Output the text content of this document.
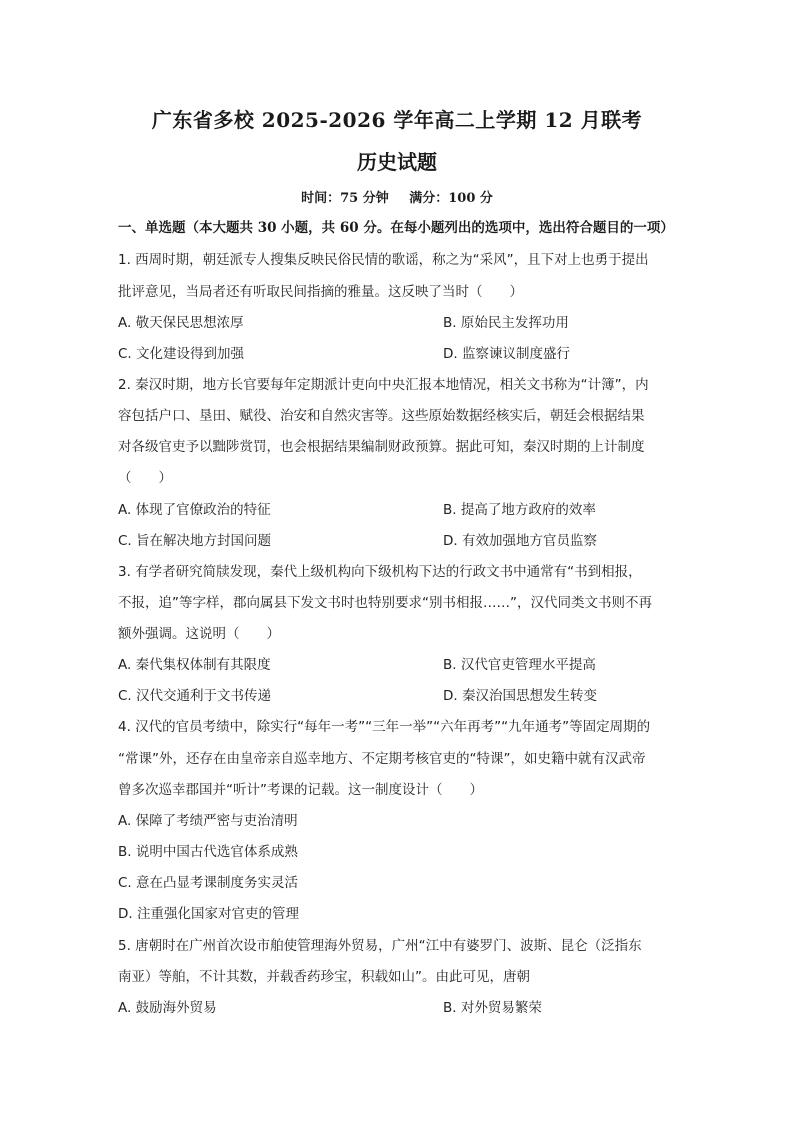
广东省多校 2025-2026 学年高二上学期 12 月联考
历史试题
时间：75 分钟 满分：100 分
一、单选题（本大题共 30 小题，共 60 分。在每小题列出的选项中，选出符合题目的一项）
1. 西周时期，朝廷派专人搜集反映民俗民情的歌谣，称之为“采风”，且下对上也勇于提出
批评意见，当局者还有听取民间指摘的雅量。这反映了当时（　　）
A. 敬天保民思想浓厚	B. 原始民主发挥功用
C. 文化建设得到加强	D. 监察谏议制度盛行
2. 秦汉时期，地方长官要每年定期派计吏向中央汇报本地情况，相关文书称为“计簿”，内
容包括户口、垦田、赋役、治安和自然灾害等。这些原始数据经核实后，朝廷会根据结果
对各级官吏予以黜陟赏罚，也会根据结果编制财政预算。据此可知，秦汉时期的上计制度
（　　）
A. 体现了官僚政治的特征	B. 提高了地方政府的效率
C. 旨在解决地方封国问题	D. 有效加强地方官员监察
3. 有学者研究简牍发现，秦代上级机构向下级机构下达的行政文书中通常有“书到相报，
不报，追”等字样，郡向属县下发文书时也特别要求“别书相报……”，汉代同类文书则不再
额外强调。这说明（　　）
A. 秦代集权体制有其限度	B. 汉代官吏管理水平提高
C. 汉代交通利于文书传递	D. 秦汉治国思想发生转变
4. 汉代的官员考绩中，除实行“每年一考”“三年一举”“六年再考”“九年通考”等固定周期的
“常课”外，还存在由皇帝亲自巡幸地方、不定期考核官吏的“特课”，如史籍中就有汉武帝
曾多次巡幸郡国并“听计”考课的记载。这一制度设计（　　）
A. 保障了考绩严密与吏治清明
B. 说明中国古代选官体系成熟
C. 意在凸显考课制度务实灵活
D. 注重强化国家对官吏的管理
5. 唐朝时在广州首次设市舶使管理海外贸易，广州“江中有婆罗门、波斯、昆仑（泛指东
南亚）等舶，不计其数，并载香药珍宝，积载如山”。由此可见，唐朝
A. 鼓励海外贸易	B. 对外贸易繁荣
